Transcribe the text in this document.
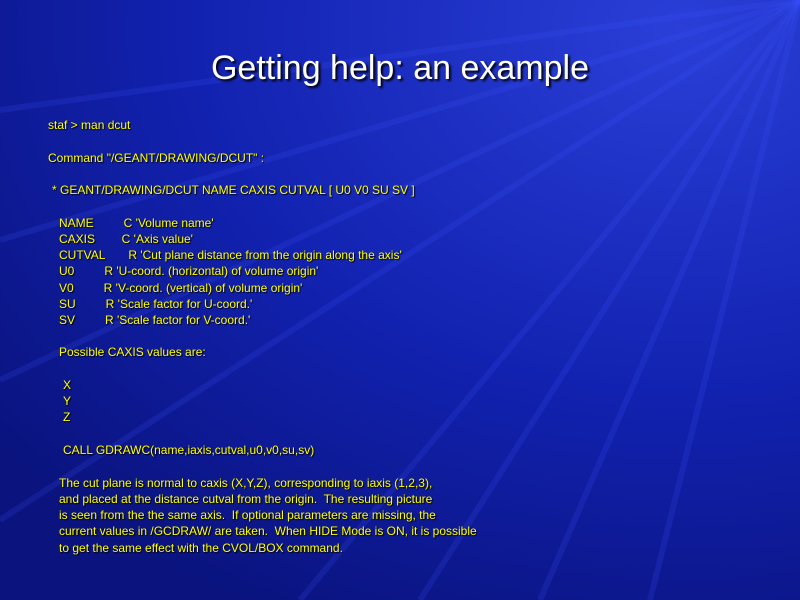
Getting help: an example
staf > man dcut
Command "/GEANT/DRAWING/DCUT" :
* GEANT/DRAWING/DCUT NAME CAXIS CUTVAL [ U0 V0 SU SV ]
NAME         C 'Volume name'
CAXIS        C 'Axis value'
CUTVAL       R 'Cut plane distance from the origin along the axis'
U0         R 'U-coord. (horizontal) of volume origin'
V0         R 'V-coord. (vertical) of volume origin'
SU         R 'Scale factor for U-coord.'
SV         R 'Scale factor for V-coord.'
Possible CAXIS values are:
X
Y
Z
CALL GDRAWC(name,iaxis,cutval,u0,v0,su,sv)
The cut plane is normal to caxis (X,Y,Z), corresponding to iaxis (1,2,3),
and placed at the distance cutval from the origin.  The resulting picture
is seen from the the same axis.  If optional parameters are missing, the
current values in /GCDRAW/ are taken.  When HIDE Mode is ON, it is possible
to get the same effect with the CVOL/BOX command.
